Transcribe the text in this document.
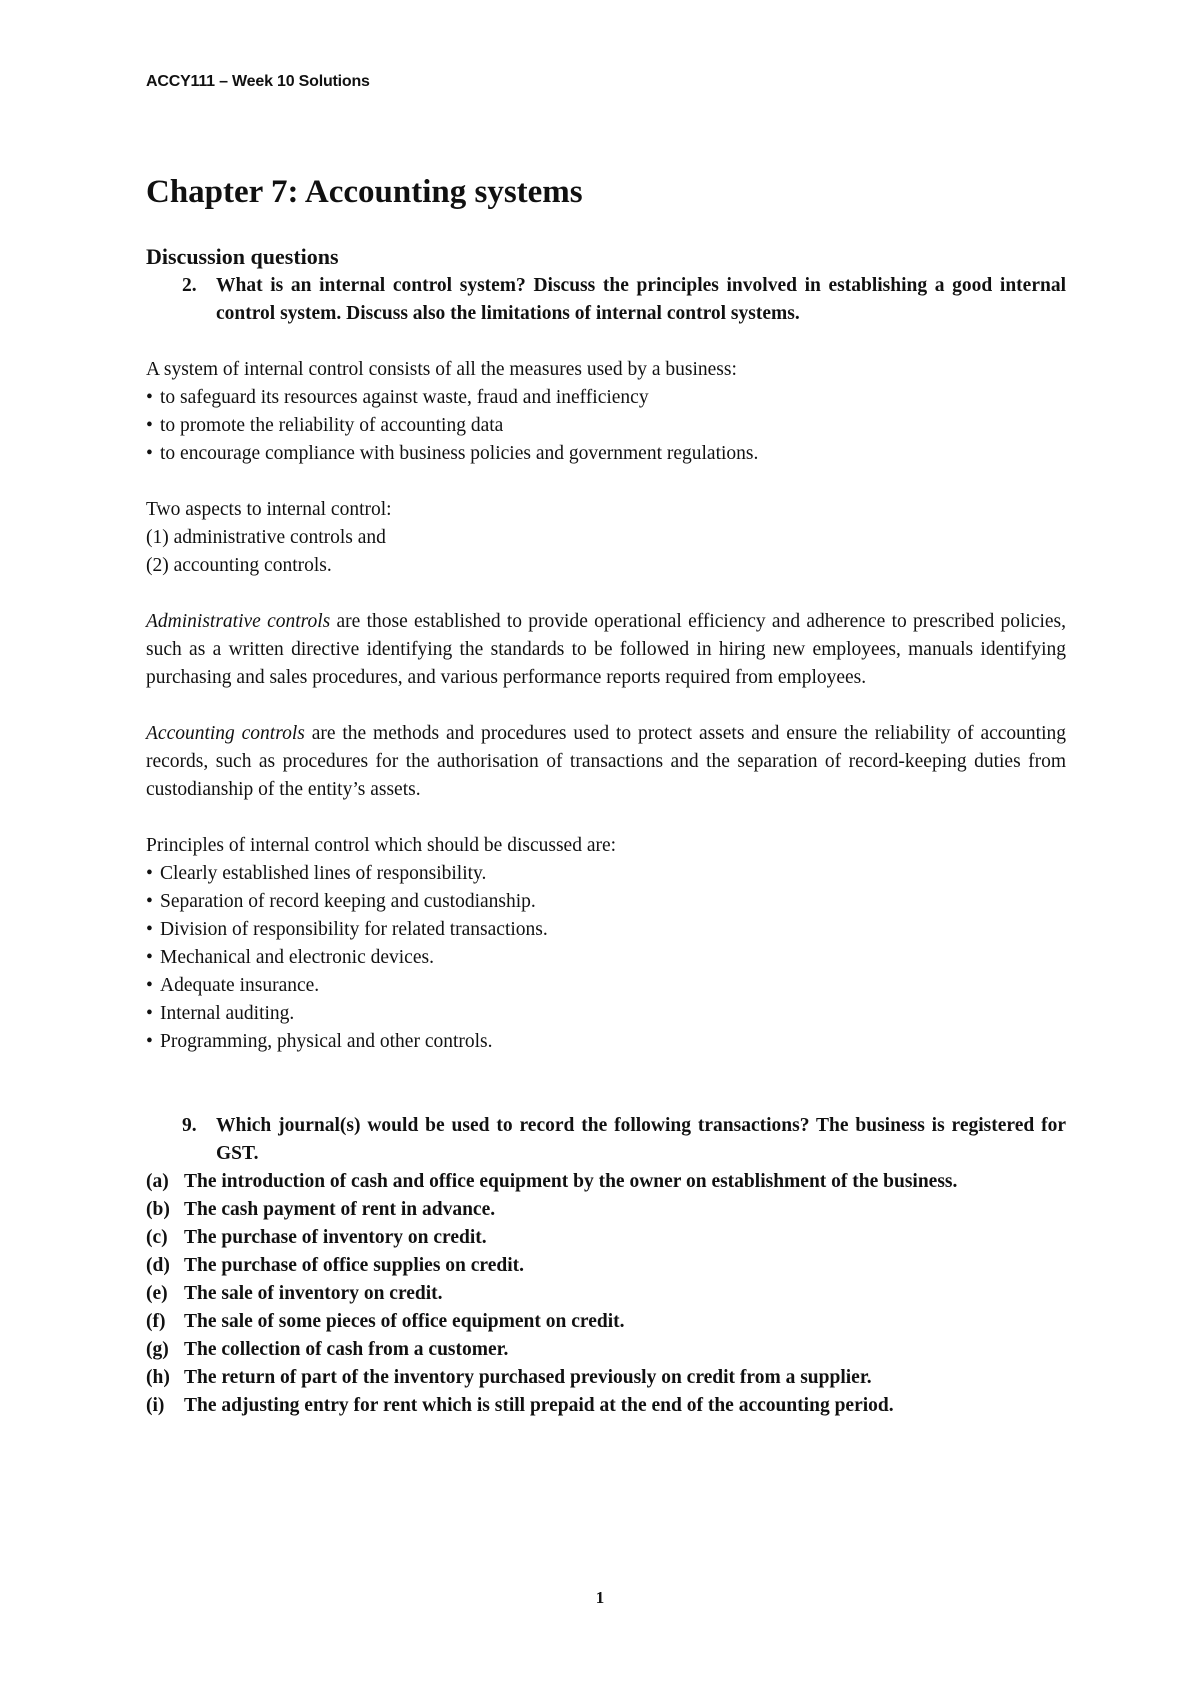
ACCY111 – Week 10 Solutions
Chapter 7: Accounting systems
Discussion questions
2. What is an internal control system? Discuss the principles involved in establishing a good internal control system. Discuss also the limitations of internal control systems.

A system of internal control consists of all the measures used by a business:

• to safeguard its resources against waste, fraud and inefficiency
• to promote the reliability of accounting data
• to encourage compliance with business policies and government regulations.

Two aspects to internal control:

(1) administrative controls and

(2) accounting controls.

Administrative controls are those established to provide operational efficiency and adherence to prescribed policies, such as a written directive identifying the standards to be followed in hiring new employees, manuals identifying purchasing and sales procedures, and various performance reports required from employees.

Accounting controls are the methods and procedures used to protect assets and ensure the reliability of accounting records, such as procedures for the authorisation of transactions and the separation of record-keeping duties from custodianship of the entity’s assets.

Principles of internal control which should be discussed are:

• Clearly established lines of responsibility.
• Separation of record keeping and custodianship.
• Division of responsibility for related transactions.
• Mechanical and electronic devices.
• Adequate insurance.
• Internal auditing.
• Programming, physical and other controls.
9. Which journal(s) would be used to record the following transactions? The business is registered for GST.
(a) The introduction of cash and office equipment by the owner on establishment of the business.
(b) The cash payment of rent in advance.
(c) The purchase of inventory on credit.
(d) The purchase of office supplies on credit.
(e) The sale of inventory on credit.
(f) The sale of some pieces of office equipment on credit.
(g) The collection of cash from a customer.
(h) The return of part of the inventory purchased previously on credit from a supplier.
(i)	The adjusting entry for rent which is still prepaid at the end of the accounting period.
1
